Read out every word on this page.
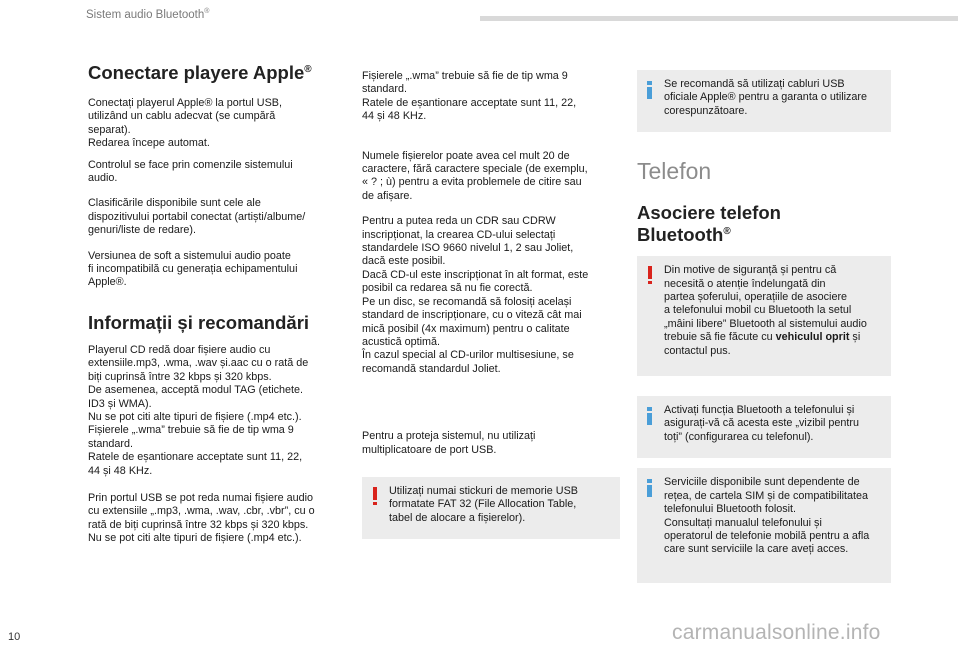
Sistem audio Bluetooth®
Conectare playere Apple®

Conectați playerul Apple® la portul USB,
utilizând un cablu adecvat (se cumpără
separat).
Redarea începe automat.

Controlul se face prin comenzile sistemului
audio.

Clasificările disponibile sunt cele ale
dispozitivului portabil conectat (artiști/albume/
genuri/liste de redare).

Versiunea de soft a sistemului audio poate
fi incompatibilă cu generația echipamentului
Apple®.

Informații și recomandări

Playerul CD redă doar fișiere audio cu
extensiile.mp3, .wma, .wav și.aac cu o rată de
biți cuprinsă între 32 kbps și 320 kbps.
De asemenea, acceptă modul TAG (etichete.
ID3 și WMA).
Nu se pot citi alte tipuri de fișiere (.mp4 etc.).
Fișierele „.wma” trebuie să fie de tip wma 9
standard.
Ratele de eșantionare acceptate sunt 11, 22,
44 și 48 KHz.

Prin portul USB se pot reda numai fișiere audio
cu extensiile „.mp3, .wma, .wav, .cbr, .vbr”, cu o
rată de biți cuprinsă între 32 kbps și 320 kbps.
Nu se pot citi alte tipuri de fișiere (.mp4 etc.).

Fișierele „.wma” trebuie să fie de tip wma 9
standard.
Ratele de eșantionare acceptate sunt 11, 22,
44 și 48 KHz.

Numele fișierelor poate avea cel mult 20 de
caractere, fără caractere speciale (de exemplu,
« ? ; ù) pentru a evita problemele de citire sau
de afișare.

Pentru a putea reda un CDR sau CDRW
inscripționat, la crearea CD-ului selectați
standardele ISO 9660 nivelul 1, 2 sau Joliet,
dacă este posibil.
Dacă CD-ul este inscripționat în alt format, este
posibil ca redarea să nu fie corectă.
Pe un disc, se recomandă să folosiți același
standard de inscripționare, cu o viteză cât mai
mică posibil (4x maximum) pentru o calitate
acustică optimă.
În cazul special al CD-urilor multisesiune, se
recomandă standardul Joliet.

Pentru a proteja sistemul, nu utilizați
multiplicatoare de port USB.

Utilizați numai stickuri de memorie USB
formatate FAT 32 (File Allocation Table,
tabel de alocare a fișierelor).

Se recomandă să utilizați cabluri USB
oficiale Apple® pentru a garanta o utilizare
corespunzătoare.

Telefon
Asociere telefon
Bluetooth®

Din motive de siguranță și pentru că
necesită o atenție îndelungată din
partea șoferului, operațiile de asociere
a telefonului mobil cu Bluetooth la setul
„mâini libere” Bluetooth al sistemului audio
trebuie să fie făcute cu vehiculul oprit și
contactul pus.

Activați funcția Bluetooth a telefonului și
asigurați-vă că acesta este „vizibil pentru
toți” (configurarea cu telefonul).

Serviciile disponibile sunt dependente de
rețea, de cartela SIM și de compatibilitatea
telefonului Bluetooth folosit.
Consultați manualul telefonului și
operatorul de telefonie mobilă pentru a afla
care sunt serviciile la care aveți acces.

10	carmanualsonline.info
